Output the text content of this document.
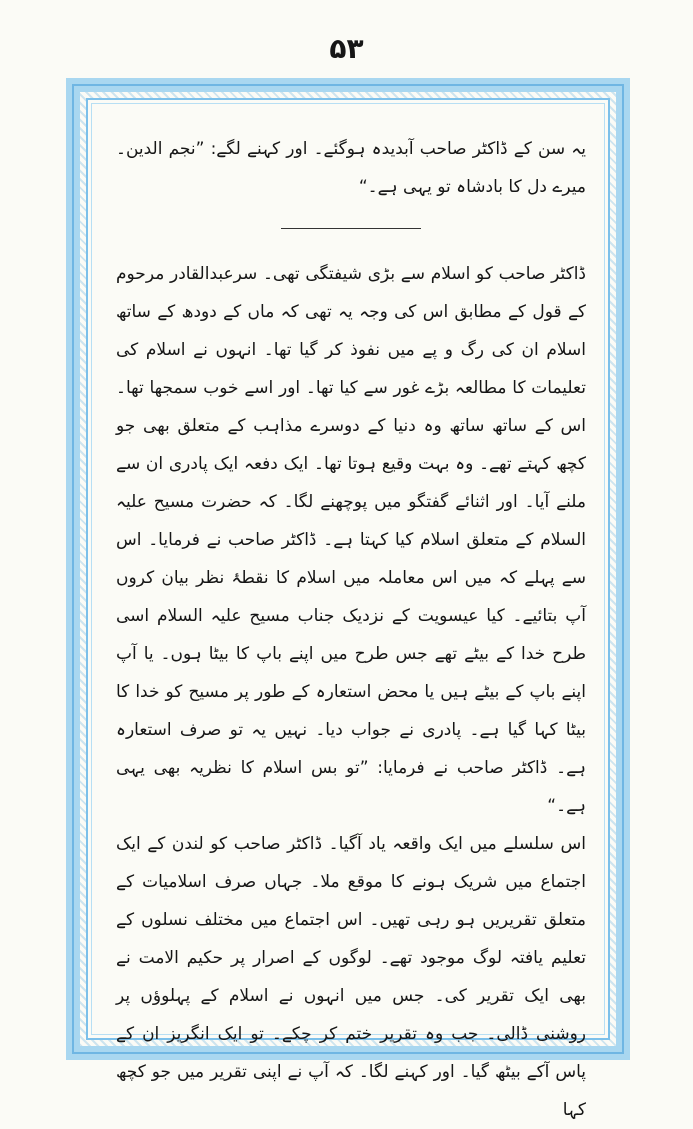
۵۳

یہ سن کے ڈاکٹر صاحب آبدیدہ ہوگئے۔ اور کہنے لگے: ”نجم الدین۔ میرے دل کا بادشاہ تو یہی ہے۔“

ڈاکٹر صاحب کو اسلام سے بڑی شیفتگی تھی۔ سرعبدالقادر مرحوم کے قول کے مطابق اس کی وجہ یہ تھی کہ ماں کے دودھ کے ساتھ اسلام ان کی رگ و پے میں نفوذ کر گیا تھا۔ انہوں نے اسلام کی تعلیمات کا مطالعہ بڑے غور سے کیا تھا۔ اور اسے خوب سمجھا تھا۔ اس کے ساتھ ساتھ وہ دنیا کے دوسرے مذاہب کے متعلق بھی جو کچھ کہتے تھے۔ وہ بہت وقیع ہوتا تھا۔ ایک دفعہ ایک پادری ان سے ملنے آیا۔ اور اثنائے گفتگو میں پوچھنے لگا۔ کہ حضرت مسیح علیہ السلام کے متعلق اسلام کیا کہتا ہے۔ ڈاکٹر صاحب نے فرمایا۔ اس سے پہلے کہ میں اس معاملہ میں اسلام کا نقطۂ نظر بیان کروں آپ بتائیے۔ کیا عیسویت کے نزدیک جناب مسیح علیہ السلام اسی طرح خدا کے بیٹے تھے جس طرح میں اپنے باپ کا بیٹا ہوں۔ یا آپ اپنے باپ کے بیٹے ہیں یا محض استعارہ کے طور پر مسیح کو خدا کا بیٹا کہا گیا ہے۔ پادری نے جواب دیا۔ نہیں یہ تو صرف استعارہ ہے۔ ڈاکٹر صاحب نے فرمایا: ”تو بس اسلام کا نظریہ بھی یہی ہے۔“

اس سلسلے میں ایک واقعہ یاد آگیا۔ ڈاکٹر صاحب کو لندن کے ایک اجتماع میں شریک ہونے کا موقع ملا۔ جہاں صرف اسلامیات کے متعلق تقریریں ہو رہی تھیں۔ اس اجتماع میں مختلف نسلوں کے تعلیم یافتہ لوگ موجود تھے۔ لوگوں کے اصرار پر حکیم الامت نے بھی ایک تقریر کی۔ جس میں انہوں نے اسلام کے پہلوؤں پر روشنی ڈالی۔ جب وہ تقریر ختم کر چکے۔ تو ایک انگریز ان کے پاس آکے بیٹھ گیا۔ اور کہنے لگا۔ کہ آپ نے اپنی تقریر میں جو کچھ کہا
